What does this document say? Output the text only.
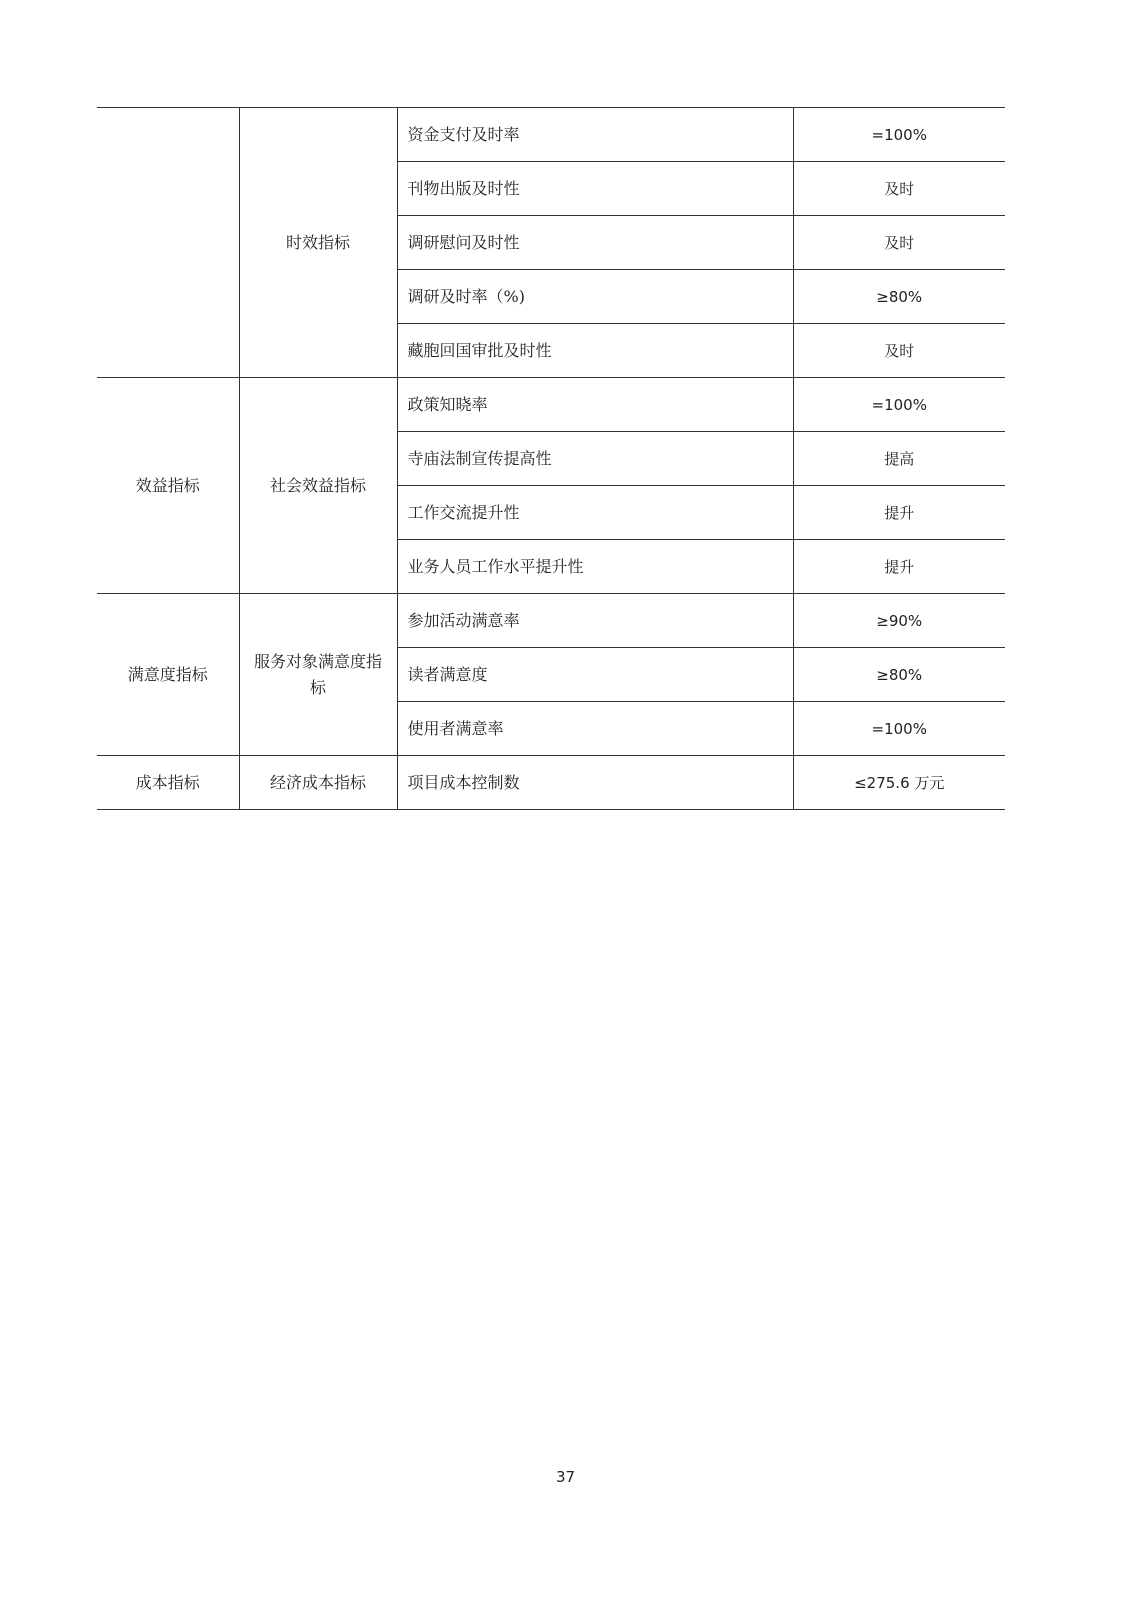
	时效指标	资金支付及时率	=100%
		刊物出版及时性	及时
		调研慰问及时性	及时
		调研及时率（%)	≥80%
		藏胞回国审批及时性	及时
效益指标	社会效益指标	政策知晓率	=100%
		寺庙法制宣传提高性	提高
		工作交流提升性	提升
		业务人员工作水平提升性	提升
满意度指标	服务对象满意度指标	参加活动满意率	≥90%
		读者满意度	≥80%
		使用者满意率	=100%
成本指标	经济成本指标	项目成本控制数	≤275.6 万元
37
